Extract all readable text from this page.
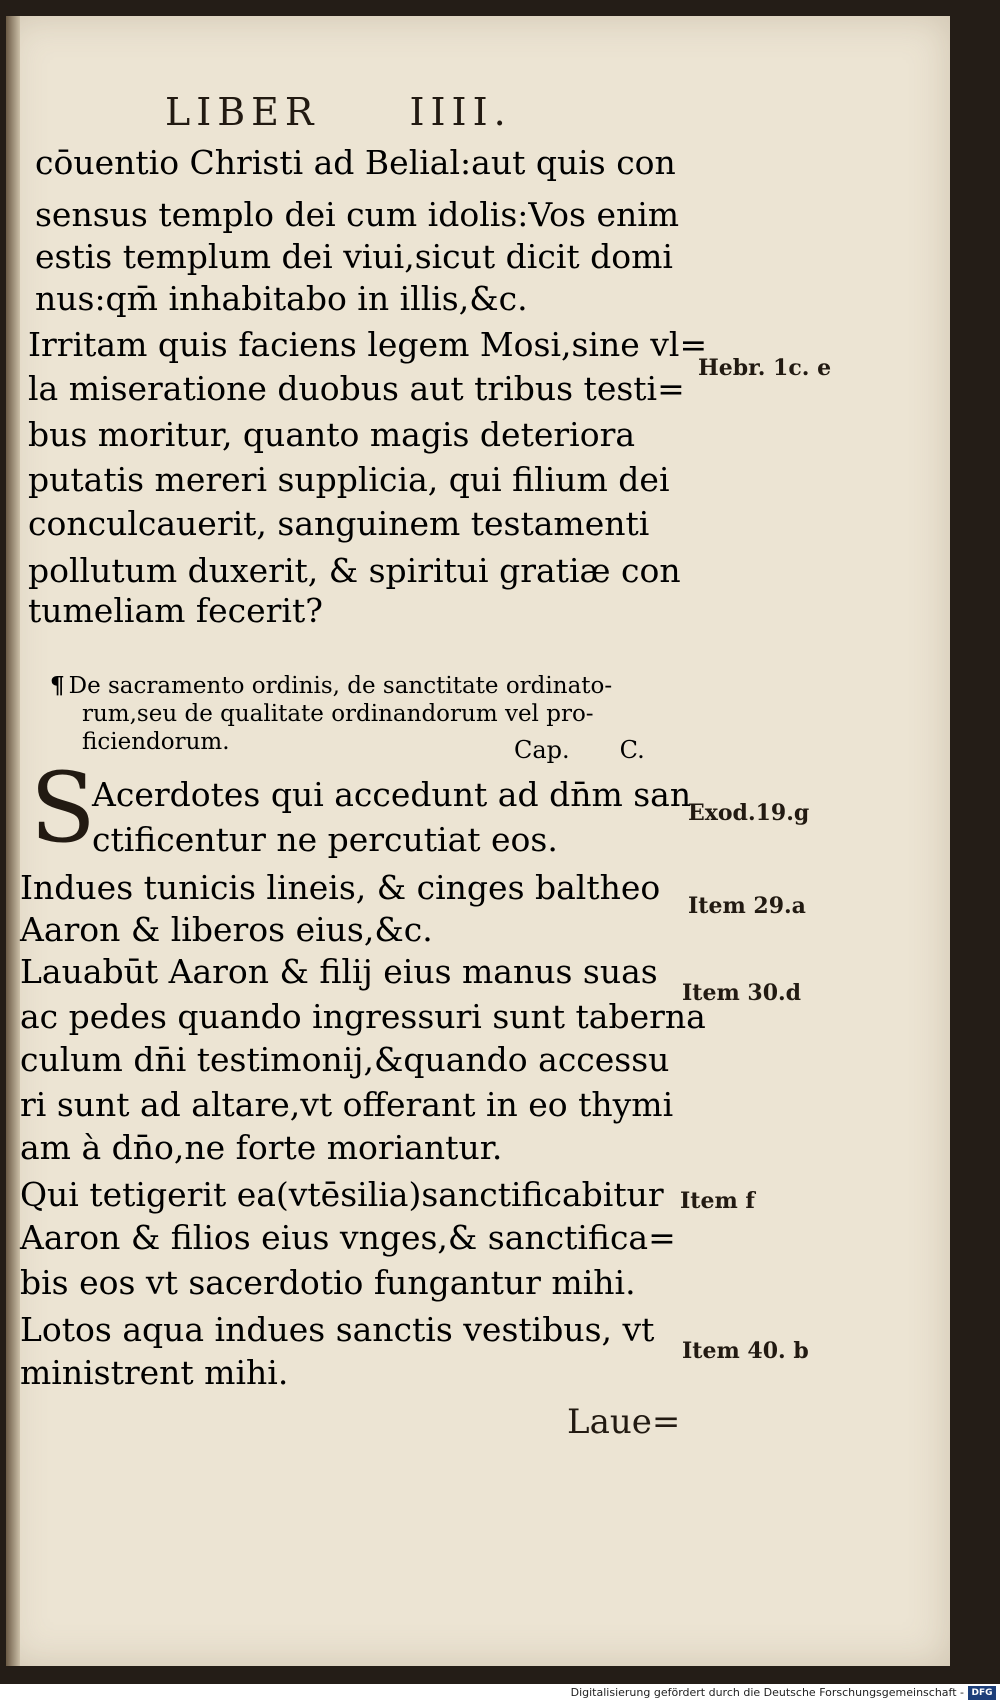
LIBER IIII.
cōuentio Christi ad Belial:aut quis con
sensus templo dei cum idolis:Vos enim
estis templum dei viui,sicut dicit domi
nus:qm̄ inhabitabo in illis,&c.
Irritam quis faciens legem Mosi,sine vl=
la miseratione duobus aut tribus testi=
bus moritur, quanto magis deteriora
putatis mereri supplicia, qui filium dei
conculcauerit, sanguinem testamenti
pollutum duxerit, & spiritui gratiæ con
tumeliam fecerit?
¶ De sacramento ordinis, de sanctitate ordinato-
rum,seu de qualitate ordinandorum vel pro-
ficiendorum.	Cap. C.
S
Acerdotes qui accedunt ad dn̄m san
ctificentur ne percutiat eos.
Indues tunicis lineis, & cinges baltheo
Aaron & liberos eius,&c.
Lauabūt Aaron & filij eius manus suas
ac pedes quando ingressuri sunt taberna
culum dn̄i testimonij,&quando accessu
ri sunt ad altare,vt offerant in eo thymi
am à dn̄o,ne forte moriantur.
Qui tetigerit ea(vtēsilia)sanctificabitur
Aaron & filios eius vnges,& sanctifica=
bis eos vt sacerdotio fungantur mihi.
Lotos aqua indues sanctis vestibus, vt
ministrent mihi.
Hebr. 1c. e
Exod.19.g
Item 29.a
Item 30.d
Item f
Item 40. b
Laue=
Digitalisierung gefördert durch die Deutsche Forschungsgemeinschaft - DFG
